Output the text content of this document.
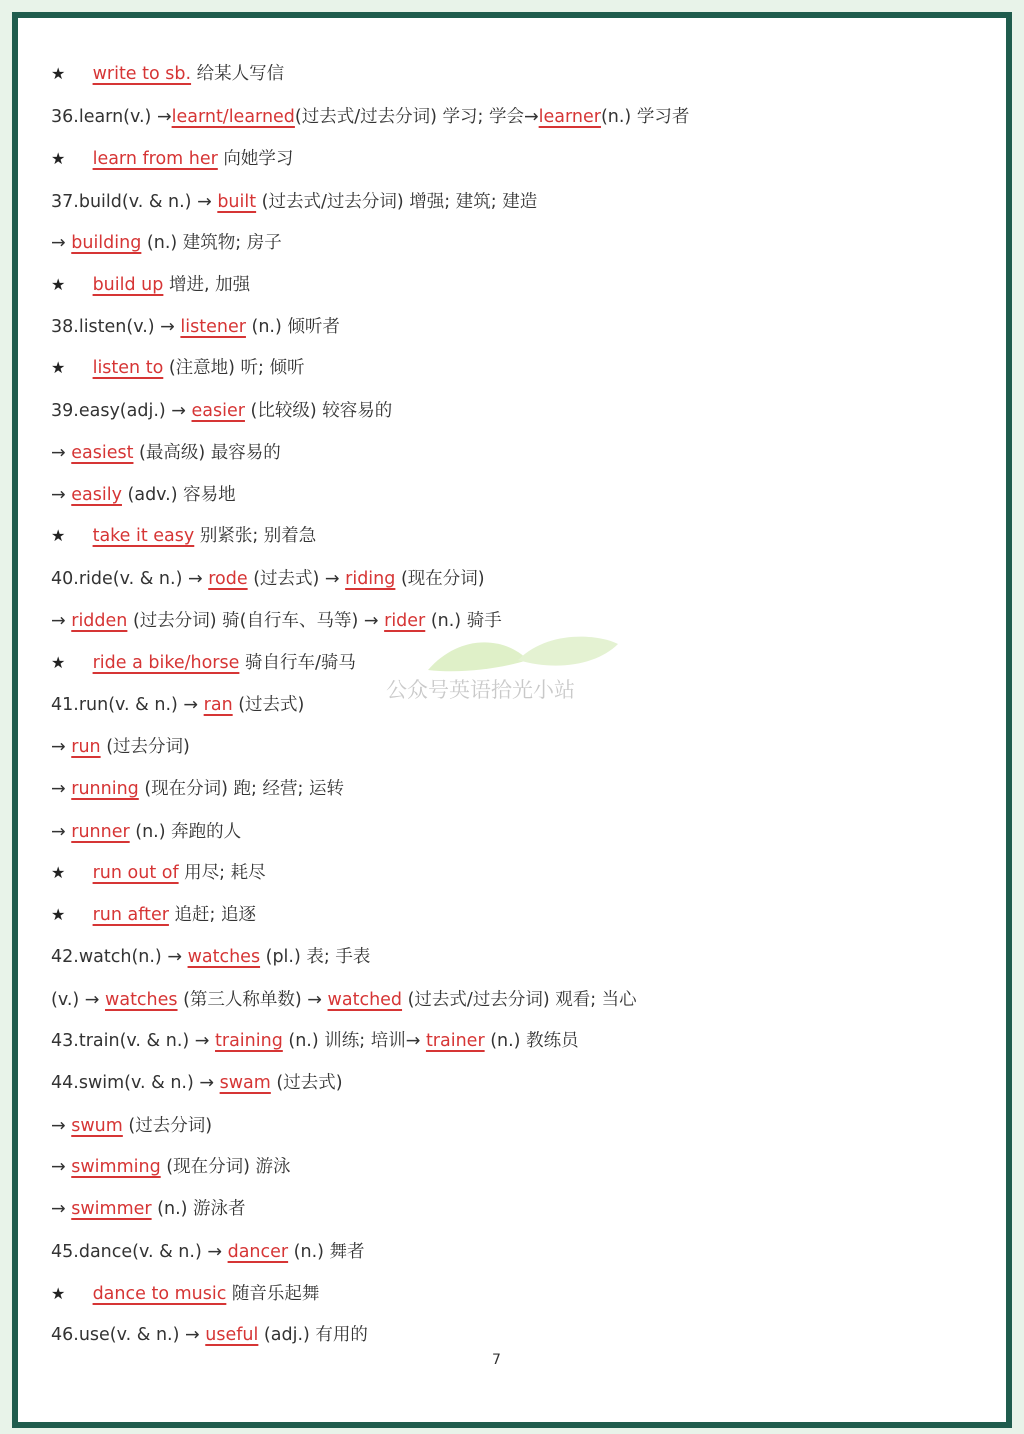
★ write to sb. 给某人写信
36.learn(v.) →learnt/learned(过去式/过去分词) 学习; 学会→learner(n.) 学习者
★ learn from her 向她学习
37.build(v. & n.) → built (过去式/过去分词) 增强; 建筑; 建造
→ building (n.) 建筑物; 房子
★ build up 增进, 加强
38.listen(v.) → listener (n.) 倾听者
★ listen to (注意地) 听; 倾听
39.easy(adj.) → easier (比较级) 较容易的
→ easiest (最高级) 最容易的
→ easily (adv.) 容易地
★ take it easy 别紧张; 别着急
40.ride(v. & n.) → rode (过去式) → riding (现在分词)
→ ridden (过去分词) 骑(自行车、马等) → rider (n.) 骑手
★ ride a bike/horse 骑自行车/骑马
41.run(v. & n.) → ran (过去式)
→ run (过去分词)
→ running (现在分词) 跑; 经营; 运转
→ runner (n.) 奔跑的人
★ run out of 用尽; 耗尽
★ run after 追赶; 追逐
42.watch(n.) → watches (pl.) 表; 手表
(v.) → watches (第三人称单数) → watched (过去式/过去分词) 观看; 当心
43.train(v. & n.) → training (n.) 训练; 培训→ trainer (n.) 教练员
44.swim(v. & n.) → swam (过去式)
→ swum (过去分词)
→ swimming (现在分词) 游泳
→ swimmer (n.) 游泳者
45.dance(v. & n.) → dancer (n.) 舞者
★ dance to music 随音乐起舞
46.use(v. & n.) → useful (adj.) 有用的
公众号英语拾光小站
7
